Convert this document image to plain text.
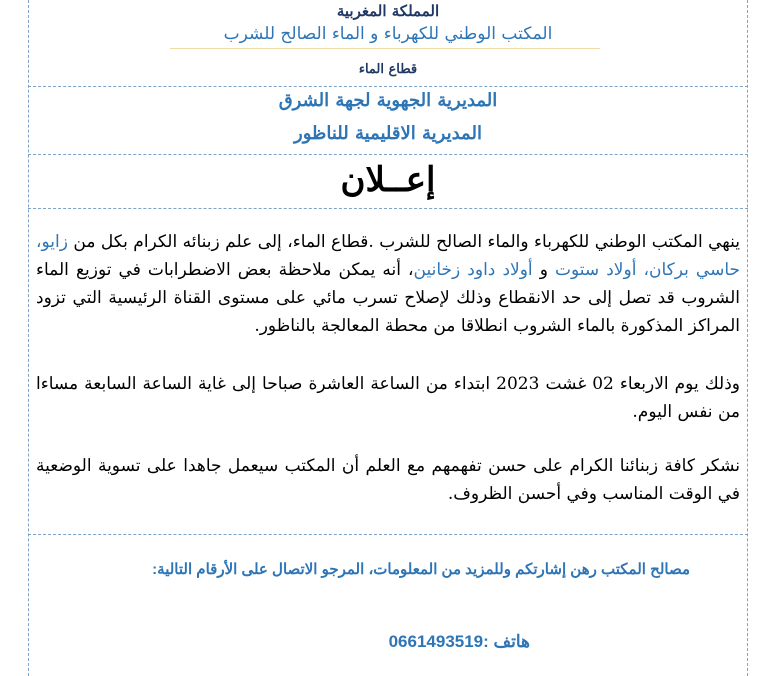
المملكة المغربية
المكتب الوطني للكهرباء و الماء الصالح للشرب
قطاع الماء
المديرية الجهوية لجهة الشرق
المديرية الاقليمية للناظور
إعــلان

ينهي المكتب الوطني للكهرباء والماء الصالح للشرب .قطاع الماء، إلى علم زبنائه الكرام بكل من زايو، حاسي بركان، أولاد ستوت و أولاد داود زخانين، أنه يمكن ملاحظة بعض الاضطرابات في توزيع الماء الشروب قد تصل إلى حد الانقطاع وذلك لإصلاح تسرب مائي على مستوى القناة الرئيسية التي تزود المراكز المذكورة بالماء الشروب انطلاقا من محطة المعالجة بالناظور.

وذلك يوم الاربعاء 02 غشت 2023 ابتداء من الساعة العاشرة صباحا إلى غاية الساعة السابعة مساءا من نفس اليوم.

نشكر كافة زبنائنا الكرام على حسن تفهمهم مع العلم أن المكتب سيعمل جاهدا على تسوية الوضعية في الوقت المناسب وفي أحسن الظروف.

مصالح المكتب رهن إشارتكم وللمزيد من المعلومات، المرجو الاتصال على الأرقام التالية:
هاتف :0661493519
